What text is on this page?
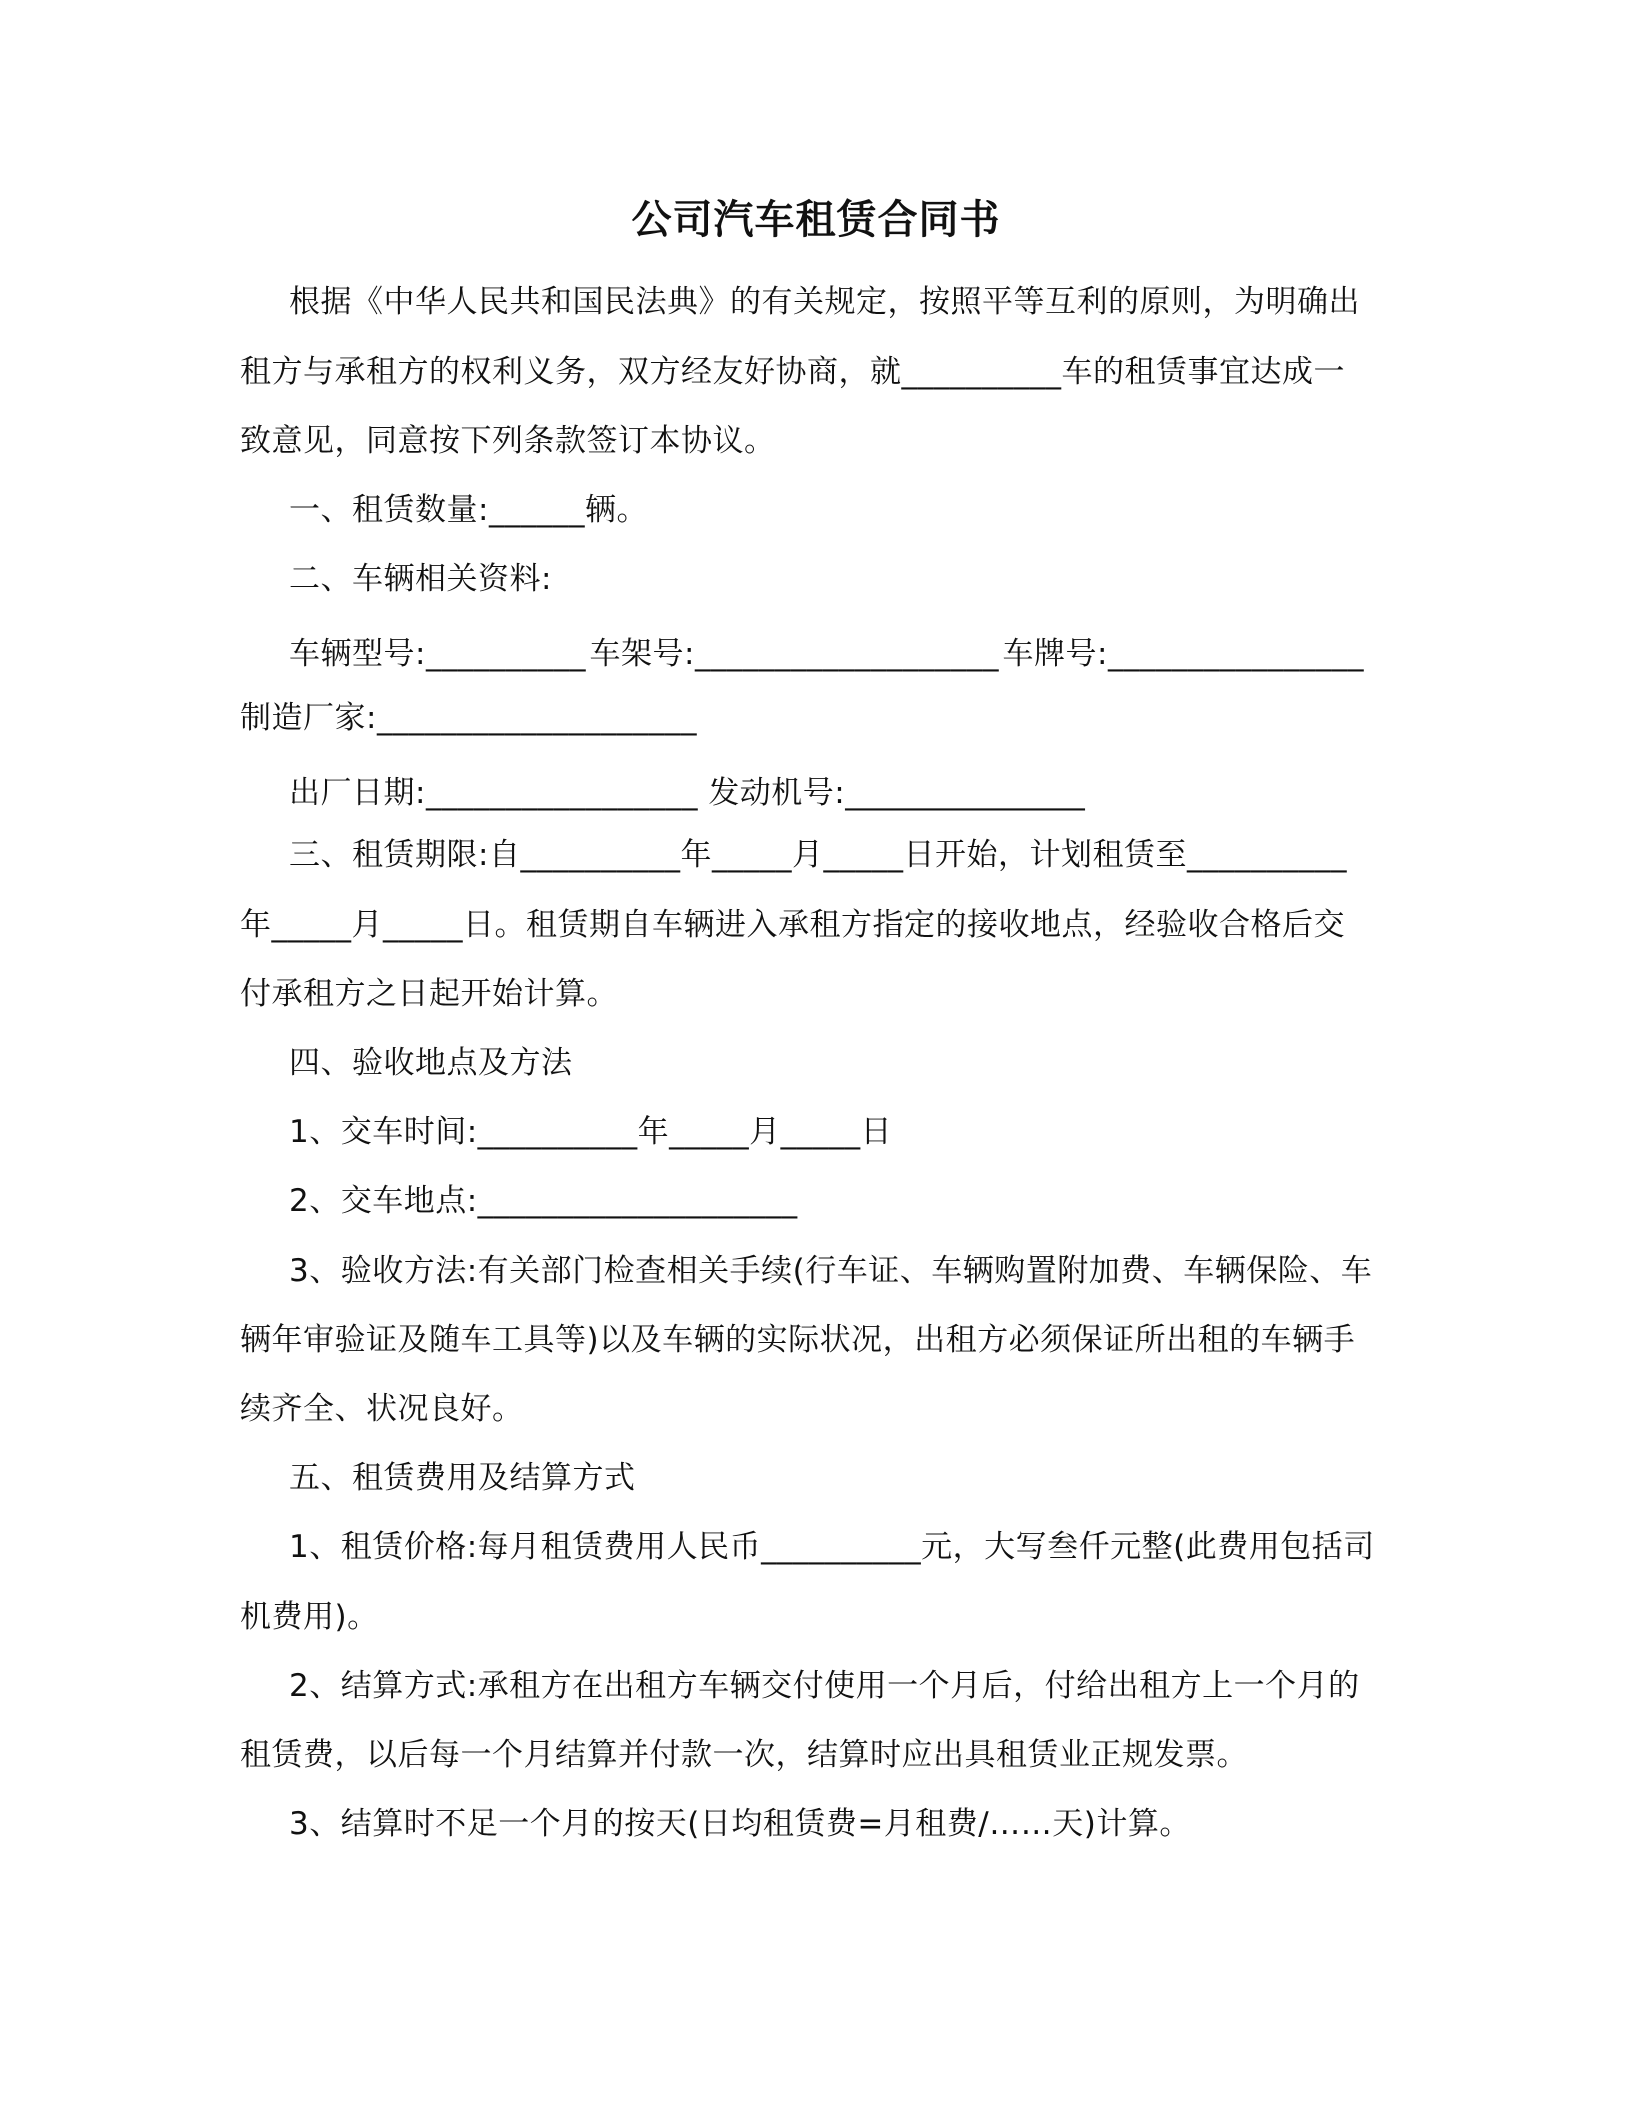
公司汽车租赁合同书
根据《中华人民共和国民法典》的有关规定，按照平等互利的原则，为明确出
租方与承租方的权利义务，双方经友好协商，就__________车的租赁事宜达成一
致意见，同意按下列条款签订本协议。
一、租赁数量:______辆。
二、车辆相关资料:
车辆型号:__________ 车架号:___________________ 车牌号:________________
制造厂家:____________________
出厂日期:_________________ 发动机号:_______________
三、租赁期限:自__________年_____月_____日开始，计划租赁至__________
年_____月_____日。租赁期自车辆进入承租方指定的接收地点，经验收合格后交
付承租方之日起开始计算。
四、验收地点及方法
1、交车时间:__________年_____月_____日
2、交车地点:____________________
3、验收方法:有关部门检查相关手续(行车证、车辆购置附加费、车辆保险、车
辆年审验证及随车工具等)以及车辆的实际状况，出租方必须保证所出租的车辆手
续齐全、状况良好。
五、租赁费用及结算方式
1、租赁价格:每月租赁费用人民币__________元，大写叁仟元整(此费用包括司
机费用)。
2、结算方式:承租方在出租方车辆交付使用一个月后，付给出租方上一个月的
租赁费，以后每一个月结算并付款一次，结算时应出具租赁业正规发票。
3、结算时不足一个月的按天(日均租赁费=月租费/……天)计算。
